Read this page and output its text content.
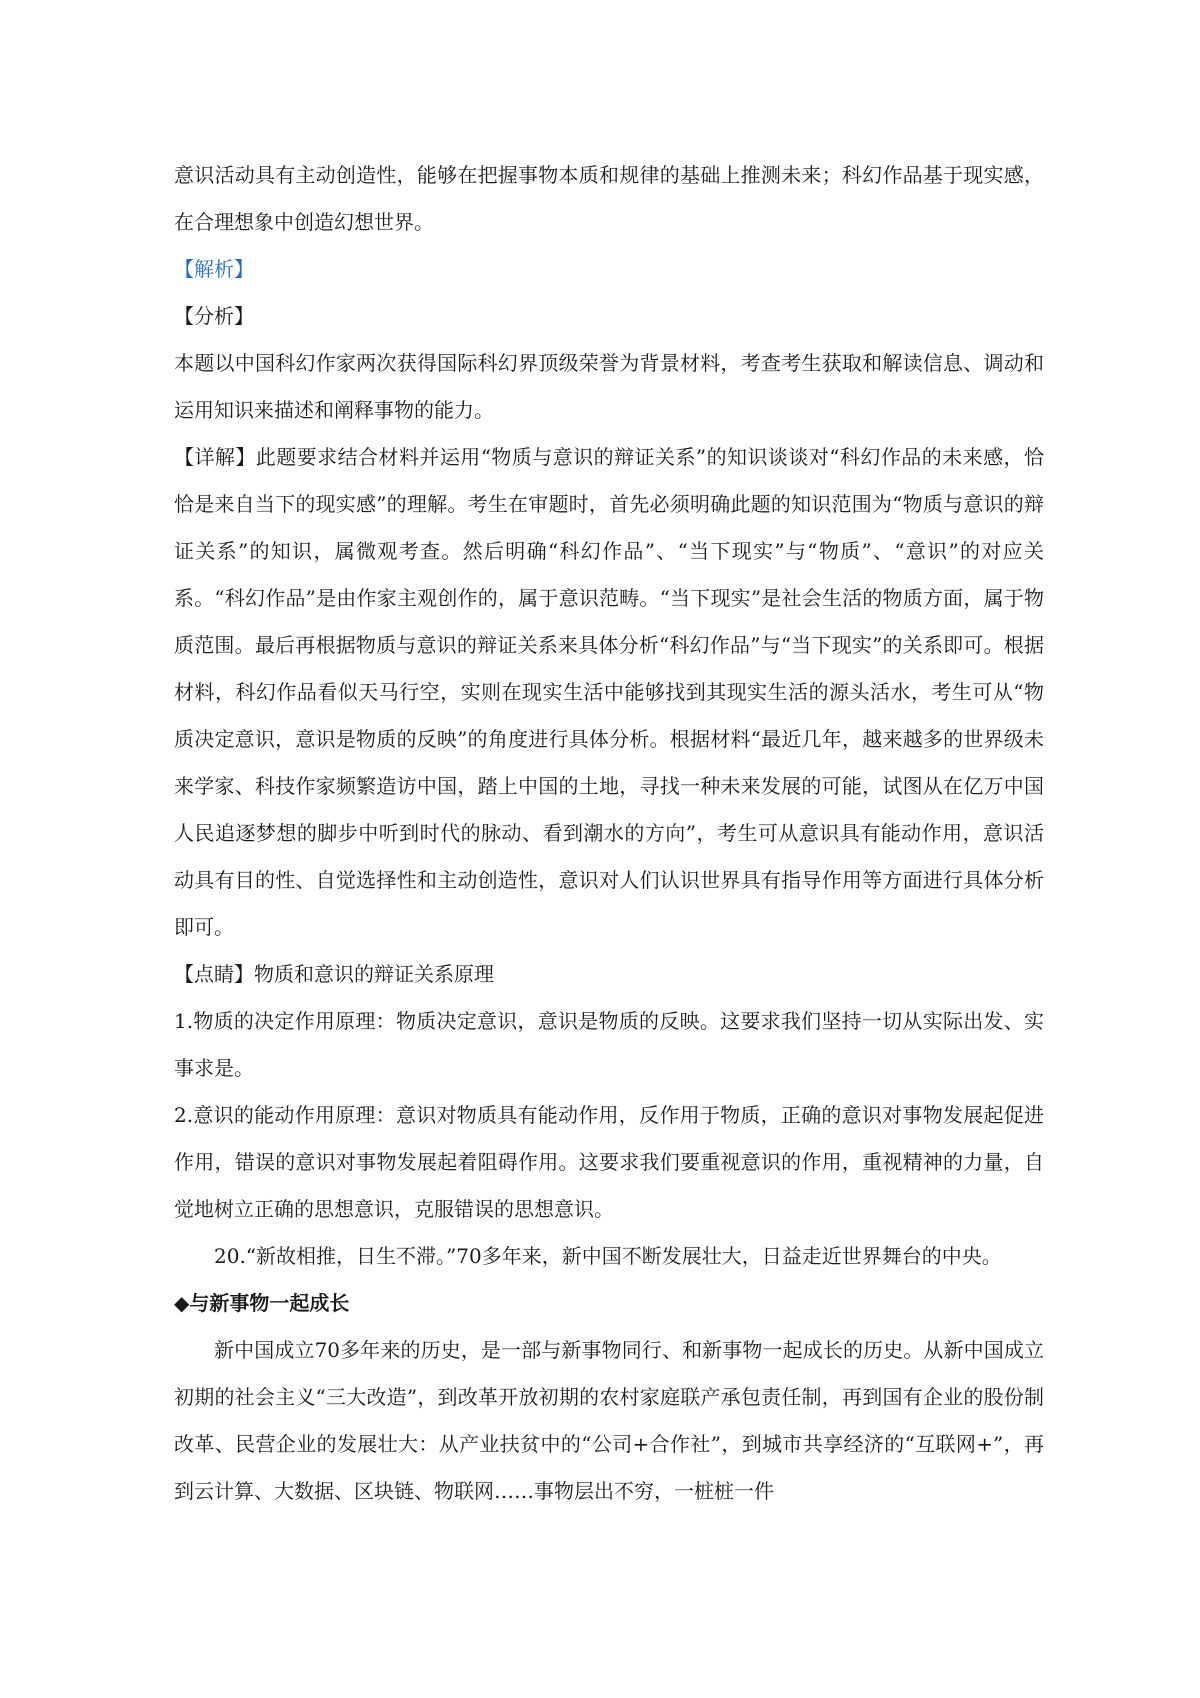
意识活动具有主动创造性，能够在把握事物本质和规律的基础上推测未来；科幻作品基于现实感，在合理想象中创造幻想世界。

【解析】

【分析】

本题以中国科幻作家两次获得国际科幻界顶级荣誉为背景材料，考查考生获取和解读信息、调动和运用知识来描述和阐释事物的能力。

【详解】此题要求结合材料并运用“物质与意识的辩证关系”的知识谈谈对“科幻作品的未来感，恰恰是来自当下的现实感”的理解。考生在审题时，首先必须明确此题的知识范围为“物质与意识的辩证关系”的知识，属微观考查。然后明确“科幻作品”、“当下现实”与“物质”、“意识”的对应关系。“科幻作品”是由作家主观创作的，属于意识范畴。“当下现实”是社会生活的物质方面，属于物质范围。最后再根据物质与意识的辩证关系来具体分析“科幻作品”与“当下现实”的关系即可。根据材料，科幻作品看似天马行空，实则在现实生活中能够找到其现实生活的源头活水，考生可从“物质决定意识，意识是物质的反映”的角度进行具体分析。根据材料“最近几年，越来越多的世界级未来学家、科技作家频繁造访中国，踏上中国的土地，寻找一种未来发展的可能，试图从在亿万中国人民追逐梦想的脚步中听到时代的脉动、看到潮水的方向”，考生可从意识具有能动作用，意识活动具有目的性、自觉选择性和主动创造性，意识对人们认识世界具有指导作用等方面进行具体分析即可。

【点睛】物质和意识的辩证关系原理

1.物质的决定作用原理：物质决定意识，意识是物质的反映。这要求我们坚持一切从实际出发、实事求是。

2.意识的能动作用原理：意识对物质具有能动作用，反作用于物质，正确的意识对事物发展起促进作用，错误的意识对事物发展起着阻碍作用。这要求我们要重视意识的作用，重视精神的力量，自觉地树立正确的思想意识，克服错误的思想意识。

20.“新故相推，日生不滞。”70多年来，新中国不断发展壮大，日益走近世界舞台的中央。

◆与新事物一起成长

新中国成立70多年来的历史，是一部与新事物同行、和新事物一起成长的历史。从新中国成立初期的社会主义“三大改造”，到改革开放初期的农村家庭联产承包责任制，再到国有企业的股份制改革、民营企业的发展壮大：从产业扶贫中的“公司+合作社”，到城市共享经济的“互联网+”，再到云计算、大数据、区块链、物联网……事物层出不穷，一桩桩一件
